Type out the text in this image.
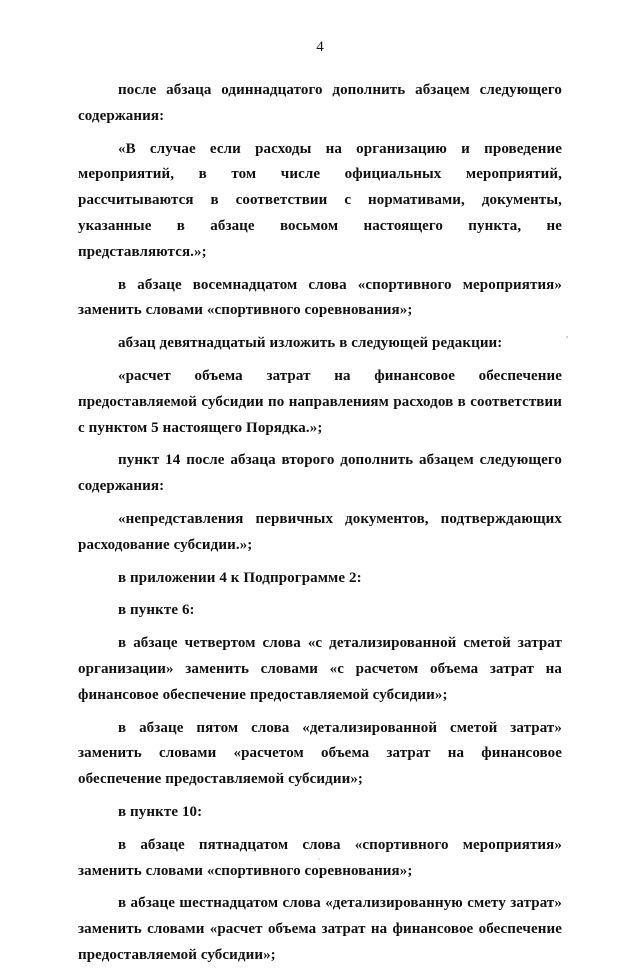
4

после абзаца одиннадцатого дополнить абзацем следующего содержания:

«В случае если расходы на организацию и проведение мероприятий, в том числе официальных мероприятий, рассчитываются в соответствии с нормативами, документы, указанные в абзаце восьмом настоящего пункта, не представляются.»;

в абзаце восемнадцатом слова «спортивного мероприятия» заменить словами «спортивного соревнования»;

абзац девятнадцатый изложить в следующей редакции:

«расчет объема затрат на финансовое обеспечение предоставляемой субсидии по направлениям расходов в соответствии с пунктом 5 настоящего Порядка.»;

пункт 14 после абзаца второго дополнить абзацем следующего содержания:

«непредставления первичных документов, подтверждающих расходование субсидии.»;

в приложении 4 к Подпрограмме 2:

в пункте 6:

в абзаце четвертом слова «с детализированной сметой затрат организации» заменить словами «с расчетом объема затрат на финансовое обеспечение предоставляемой субсидии»;

в абзаце пятом слова «детализированной сметой затрат» заменить словами «расчетом объема затрат на финансовое обеспечение предоставляемой субсидии»;

в пункте 10:

в абзаце пятнадцатом слова «спортивного мероприятия» заменить словами «спортивного соревнования»;

в абзаце шестнадцатом слова «детализированную смету затрат» заменить словами «расчет объема затрат на финансовое обеспечение предоставляемой субсидии»;
